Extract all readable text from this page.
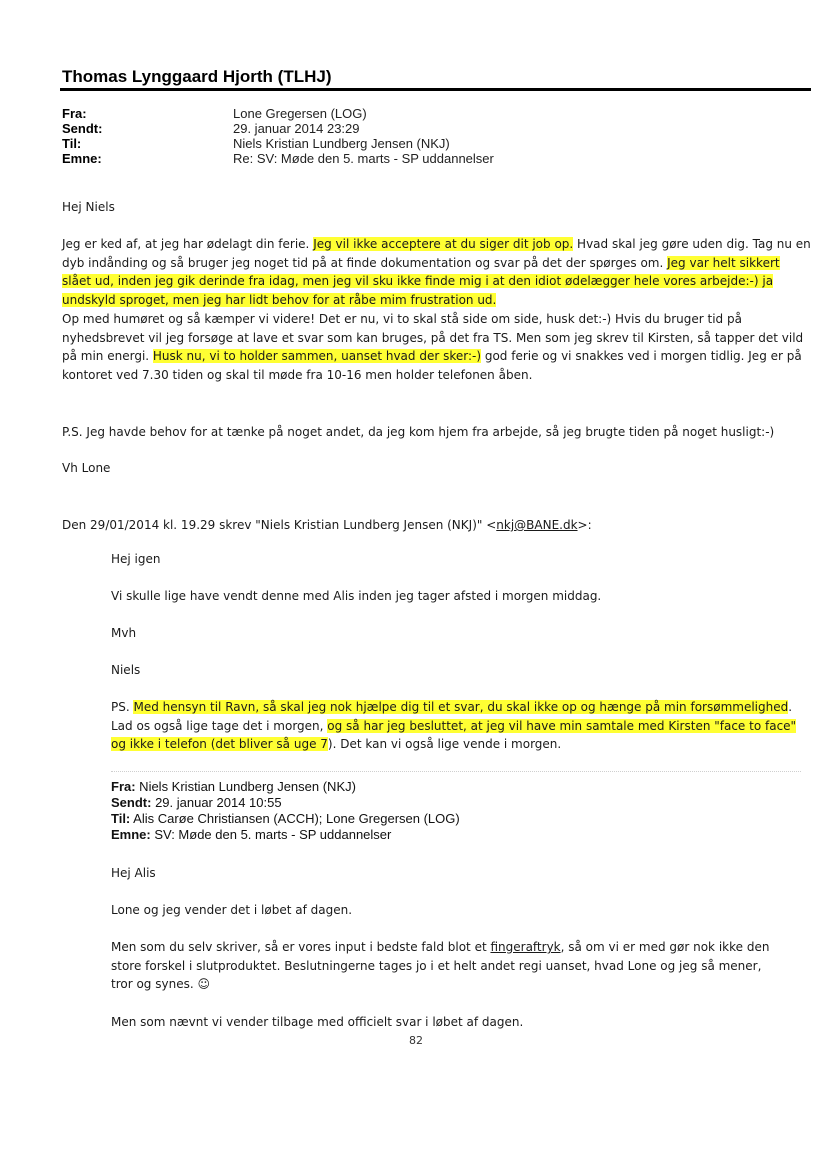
Thomas Lynggaard Hjorth (TLHJ)
Fra:	Lone Gregersen (LOG)
Sendt:	29. januar 2014 23:29
Til:	Niels Kristian Lundberg Jensen (NKJ)
Emne:	Re: SV: Møde den 5. marts - SP uddannelser

Hej Niels

Jeg er ked af, at jeg har ødelagt din ferie. Jeg vil ikke acceptere at du siger dit job op. Hvad skal jeg gøre uden dig. Tag nu en dyb indånding og så bruger jeg noget tid på at finde dokumentation og svar på det der spørges om. Jeg var helt sikkert slået ud, inden jeg gik derinde fra idag, men jeg vil sku ikke finde mig i at den idiot ødelægger hele vores arbejde:-) ja undskyld sproget, men jeg har lidt behov for at råbe mim frustration ud.

Op med humøret og så kæmper vi videre! Det er nu, vi to skal stå side om side, husk det:-) Hvis du bruger tid på nyhedsbrevet vil jeg forsøge at lave et svar som kan bruges, på det fra TS. Men som jeg skrev til Kirsten, så tapper det vild på min energi. Husk nu, vi to holder sammen, uanset hvad der sker:-) god ferie og vi snakkes ved i morgen tidlig. Jeg er på kontoret ved 7.30 tiden og skal til møde fra 10-16 men holder telefonen åben.

P.S. Jeg havde behov for at tænke på noget andet, da jeg kom hjem fra arbejde, så jeg brugte tiden på noget husligt:-)

Vh Lone

Den 29/01/2014 kl. 19.29 skrev "Niels Kristian Lundberg Jensen (NKJ)" <nkj@BANE.dk>:

Hej igen

Vi skulle lige have vendt denne med Alis inden jeg tager afsted i morgen middag.

Mvh

Niels

PS. Med hensyn til Ravn, så skal jeg nok hjælpe dig til et svar, du skal ikke op og hænge på min forsømmelighed. Lad os også lige tage det i morgen, og så har jeg besluttet, at jeg vil have min samtale med Kirsten "face to face" og ikke i telefon (det bliver så uge 7). Det kan vi også lige vende i morgen.

Fra: Niels Kristian Lundberg Jensen (NKJ)
Sendt: 29. januar 2014 10:55
Til: Alis Carøe Christiansen (ACCH); Lone Gregersen (LOG)
Emne: SV: Møde den 5. marts - SP uddannelser

Hej Alis

Lone og jeg vender det i løbet af dagen.

Men som du selv skriver, så er vores input i bedste fald blot et fingeraftryk, så om vi er med gør nok ikke den store forskel i slutproduktet. Beslutningerne tages jo i et helt andet regi uanset, hvad Lone og jeg så mener, tror og synes. ☺

Men som nævnt vi vender tilbage med officielt svar i løbet af dagen.

82
